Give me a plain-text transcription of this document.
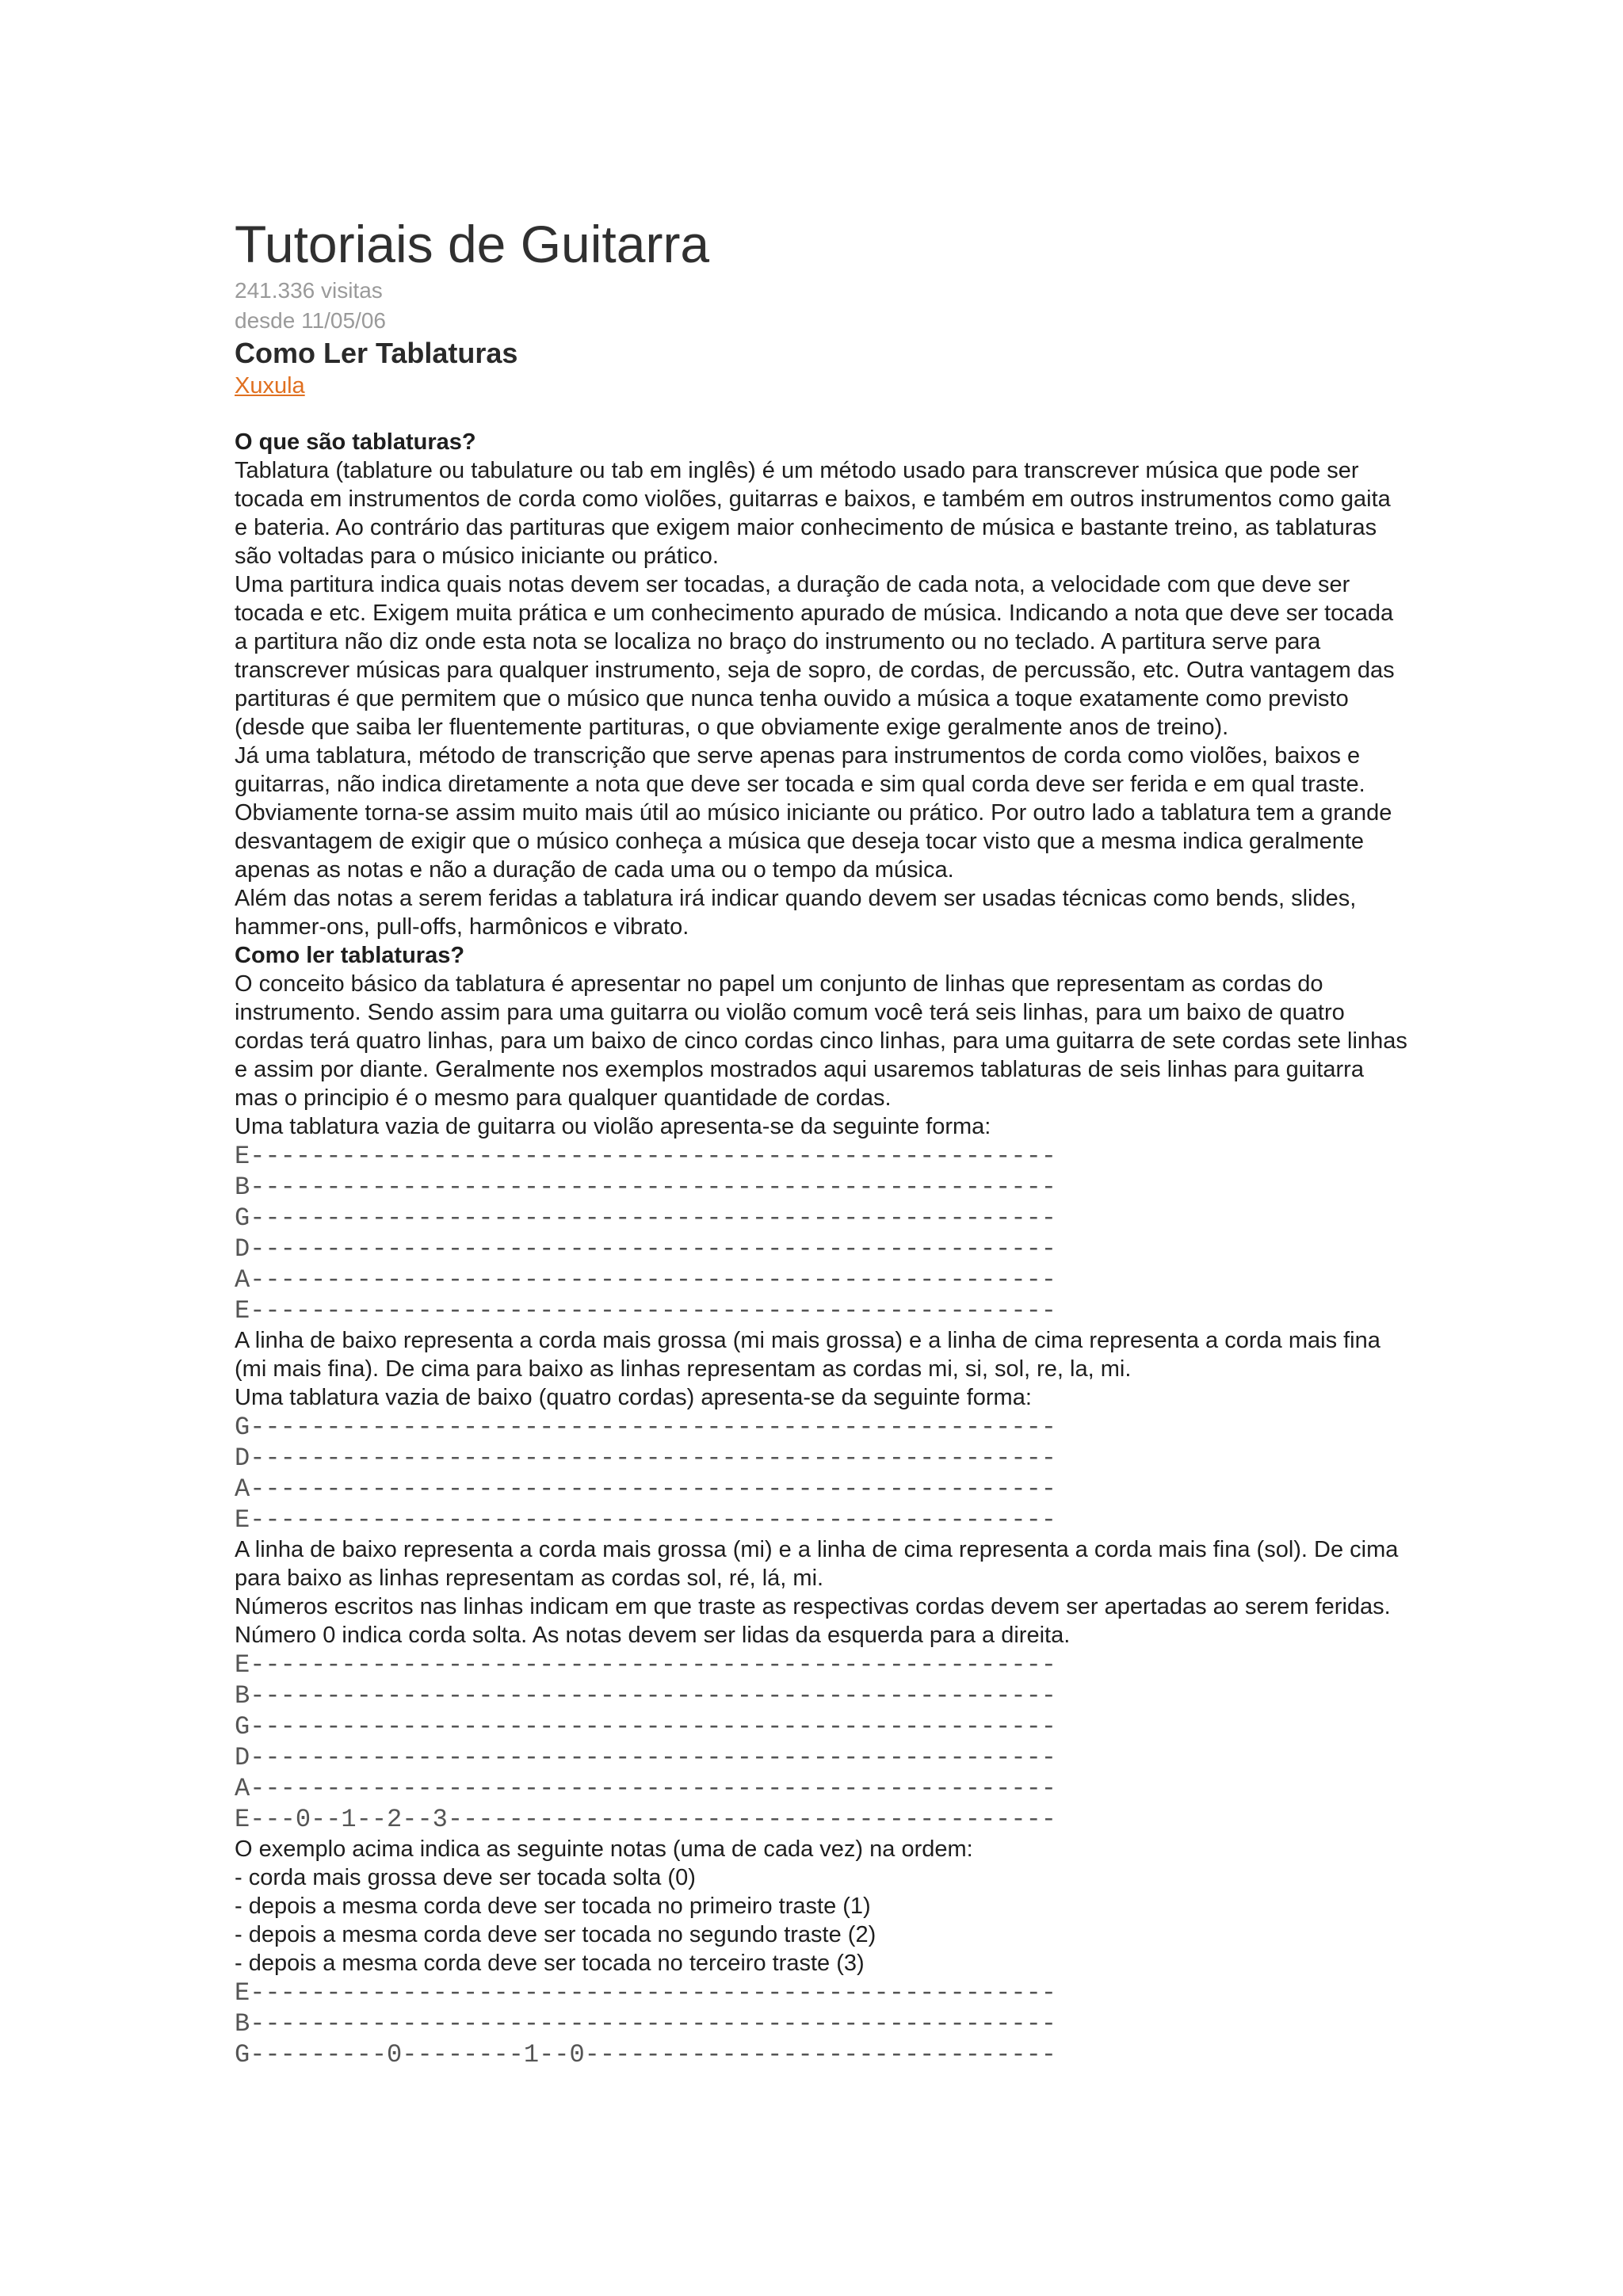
Tutoriais de Guitarra
241.336 visitas
desde 11/05/06
Como Ler Tablaturas
Xuxula
O que são tablaturas?
Tablatura (tablature ou tabulature ou tab em inglês) é um método usado para transcrever música que pode ser tocada em instrumentos de corda como violões, guitarras e baixos, e também em outros instrumentos como gaita e bateria. Ao contrário das partituras que exigem maior conhecimento de música e bastante treino, as tablaturas são voltadas para o músico iniciante ou prático.
Uma partitura indica quais notas devem ser tocadas, a duração de cada nota, a velocidade com que deve ser tocada e etc. Exigem muita prática e um conhecimento apurado de música. Indicando a nota que deve ser tocada a partitura não diz onde esta nota se localiza no braço do instrumento ou no teclado. A partitura serve para transcrever músicas para qualquer instrumento, seja de sopro, de cordas, de percussão, etc. Outra vantagem das partituras é que permitem que o músico que nunca tenha ouvido a música a toque exatamente como previsto (desde que saiba ler fluentemente partituras, o que obviamente exige geralmente anos de treino).
Já uma tablatura, método de transcrição que serve apenas para instrumentos de corda como violões, baixos e guitarras, não indica diretamente a nota que deve ser tocada e sim qual corda deve ser ferida e em qual traste. Obviamente torna-se assim muito mais útil ao músico iniciante ou prático. Por outro lado a tablatura tem a grande desvantagem de exigir que o músico conheça a música que deseja tocar visto que a mesma indica geralmente apenas as notas e não a duração de cada uma ou o tempo da música.
Além das notas a serem feridas a tablatura irá indicar quando devem ser usadas técnicas como bends, slides, hammer-ons, pull-offs, harmônicos e vibrato.
Como ler tablaturas?
O conceito básico da tablatura é apresentar no papel um conjunto de linhas que representam as cordas do instrumento. Sendo assim para uma guitarra ou violão comum você terá seis linhas, para um baixo de quatro cordas terá quatro linhas, para um baixo de cinco cordas cinco linhas, para uma guitarra de sete cordas sete linhas e assim por diante. Geralmente nos exemplos mostrados aqui usaremos tablaturas de seis linhas para guitarra mas o principio é o mesmo para qualquer quantidade de cordas.
Uma tablatura vazia de guitarra ou violão apresenta-se da seguinte forma:
E-----------------------------------------------------
B-----------------------------------------------------
G-----------------------------------------------------
D-----------------------------------------------------
A-----------------------------------------------------
E-----------------------------------------------------
A linha de baixo representa a corda mais grossa (mi mais grossa) e a linha de cima representa a corda mais fina (mi mais fina). De cima para baixo as linhas representam as cordas mi, si, sol, re, la, mi.
Uma tablatura vazia de baixo (quatro cordas) apresenta-se da seguinte forma:
G-----------------------------------------------------
D-----------------------------------------------------
A-----------------------------------------------------
E-----------------------------------------------------
A linha de baixo representa a corda mais grossa (mi) e a linha de cima representa a corda mais fina (sol). De cima para baixo as linhas representam as cordas sol, ré, lá, mi.
Números escritos nas linhas indicam em que traste as respectivas cordas devem ser apertadas ao serem feridas. Número 0 indica corda solta. As notas devem ser lidas da esquerda para a direita.
E-----------------------------------------------------
B-----------------------------------------------------
G-----------------------------------------------------
D-----------------------------------------------------
A-----------------------------------------------------
E---0--1--2--3----------------------------------------
O exemplo acima indica as seguinte notas (uma de cada vez) na ordem:
- corda mais grossa deve ser tocada solta (0)
- depois a mesma corda deve ser tocada no primeiro traste (1)
- depois a mesma corda deve ser tocada no segundo traste (2)
- depois a mesma corda deve ser tocada no terceiro traste (3)
E-----------------------------------------------------
B-----------------------------------------------------
G---------0--------1--0-------------------------------
